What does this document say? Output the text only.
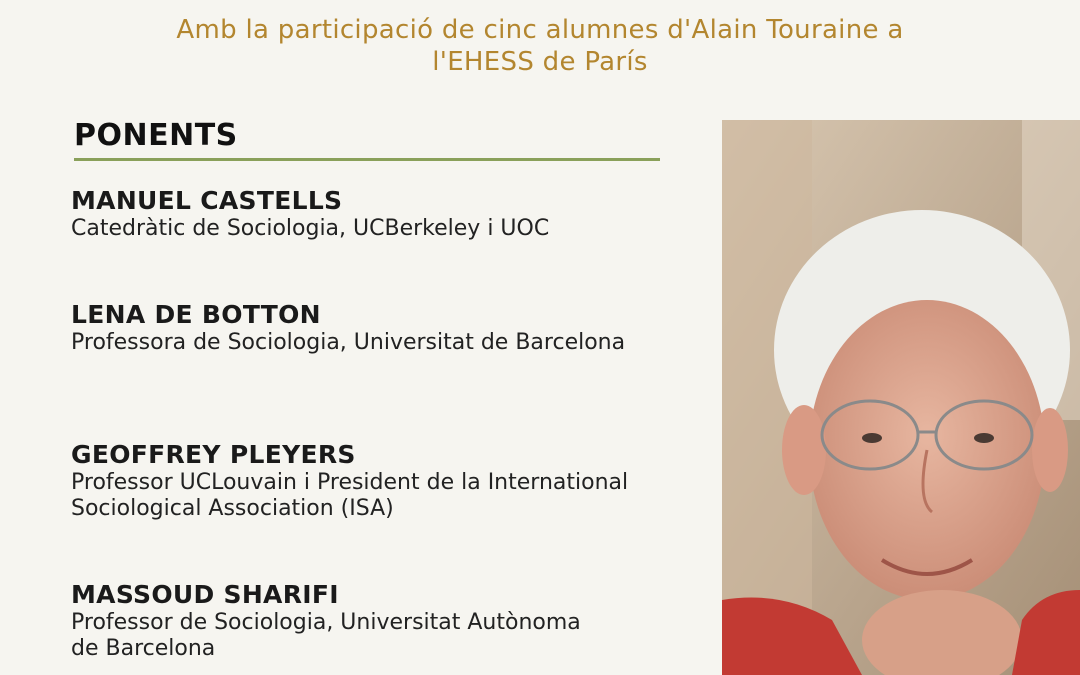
Amb la participació de cinc alumnes d'Alain Touraine a
l'EHESS de París
PONENTS
MANUEL CASTELLS
Catedràtic de Sociologia, UCBerkeley i UOC
LENA DE BOTTON
Professora de Sociologia, Universitat de Barcelona
GEOFFREY PLEYERS
Professor UCLouvain i President de la International Sociological Association (ISA)
MASSOUD SHARIFI
Professor de Sociologia, Universitat Autònoma de Barcelona
